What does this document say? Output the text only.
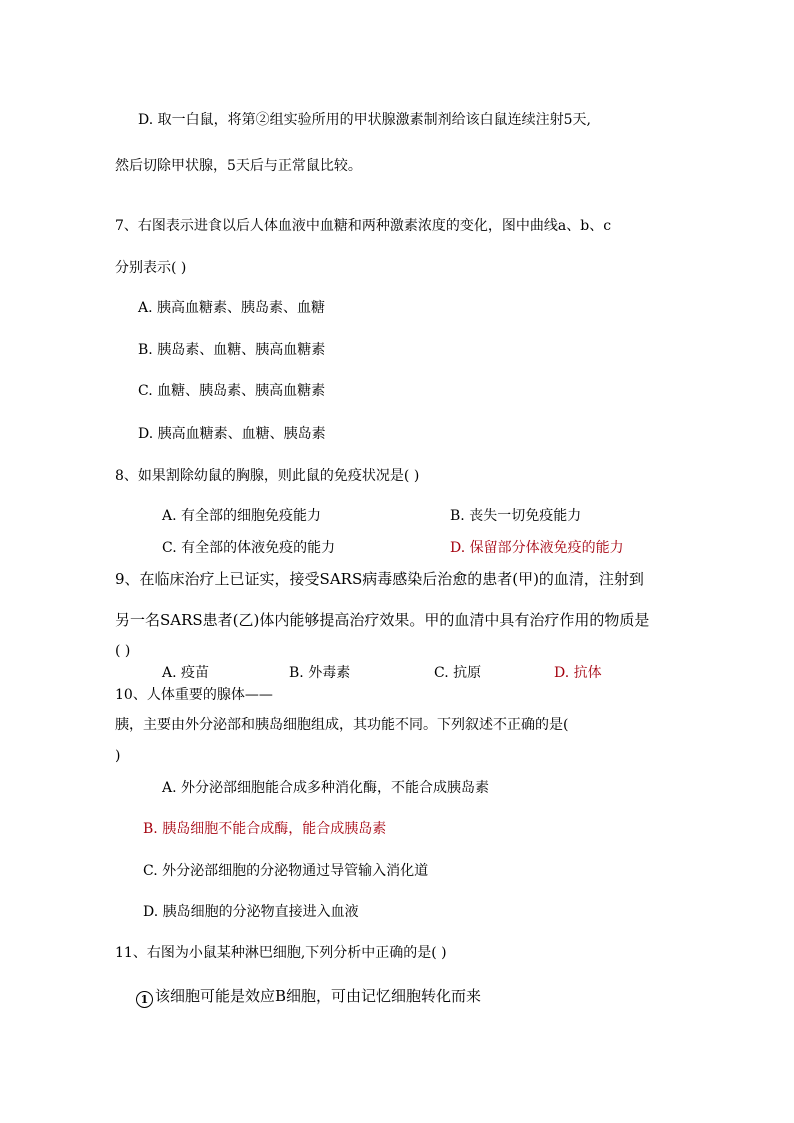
D. 取一白鼠，将第②组实验所用的甲状腺激素制剂给该白鼠连续注射5天,
然后切除甲状腺，5天后与正常鼠比较。
7、右图表示进食以后人体血液中血糖和两种激素浓度的变化，图中曲线a、b、c
分别表示( )
A. 胰高血糖素、胰岛素、血糖
B. 胰岛素、血糖、胰高血糖素
C. 血糖、胰岛素、胰高血糖素
D. 胰高血糖素、血糖、胰岛素
8、如果割除幼鼠的胸腺，则此鼠的免疫状况是( )
A. 有全部的细胞免疫能力	B. 丧失一切免疫能力
C. 有全部的体液免疫的能力	D. 保留部分体液免疫的能力
9、在临床治疗上已证实，接受SARS病毒感染后治愈的患者(甲)的血清，注射到
另一名SARS患者(乙)体内能够提高治疗效果。甲的血清中具有治疗作用的物质是
( )
A. 疫苗	B. 外毒素	C. 抗原	D. 抗体
10、人体重要的腺体——
胰，主要由外分泌部和胰岛细胞组成，其功能不同。下列叙述不正确的是(
)
A. 外分泌部细胞能合成多种消化酶，不能合成胰岛素
B. 胰岛细胞不能合成酶，能合成胰岛素
C. 外分泌部细胞的分泌物通过导管输入消化道
D. 胰岛细胞的分泌物直接进入血液
11、右图为小鼠某种淋巴细胞,下列分析中正确的是( )
1 该细胞可能是效应B细胞，可由记忆细胞转化而来
